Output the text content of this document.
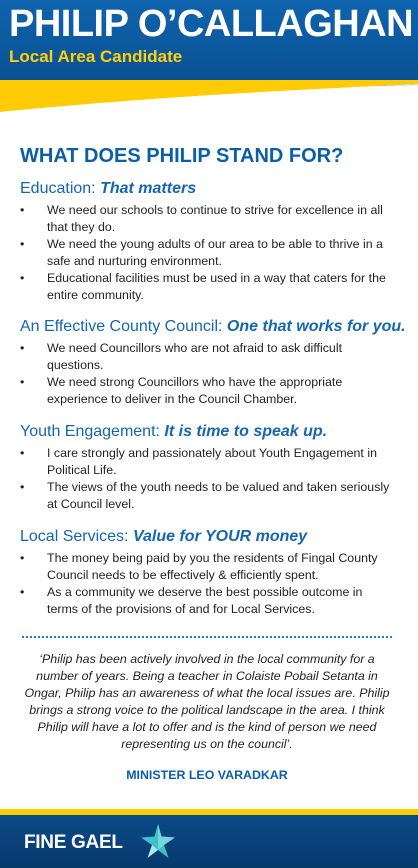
PHILIP O’CALLAGHAN

Local Area Candidate

WHAT DOES PHILIP STAND FOR?
Education: That matters
• We need our schools to continue to strive for excellence in all that they do.
• We need the young adults of our area to be able to thrive in a safe and nurturing environment.
• Educational facilities must be used in a way that caters for the entire community.
An Effective County Council: One that works for you.
• We need Councillors who are not afraid to ask difficult questions.
• We need strong Councillors who have the appropriate experience to deliver in the Council Chamber.
Youth Engagement: It is time to speak up.
• I care strongly and passionately about Youth Engagement in Political Life.
• The views of the youth needs to be valued and taken seriously at Council level.
Local Services: Value for YOUR money
• The money being paid by you the residents of Fingal County Council needs to be effectively & efficiently spent.
• As a community we deserve the best possible outcome in terms of the provisions of and for Local Services.

‘Philip has been actively involved in the local community for a number of years. Being a teacher in Colaiste Pobail Setanta in Ongar, Philip has an awareness of what the local issues are. Philip brings a strong voice to the political landscape in the area. I think Philip will have a lot to offer and is the kind of person we need representing us on the council’.

MINISTER LEO VARADKAR

FINE GAEL
